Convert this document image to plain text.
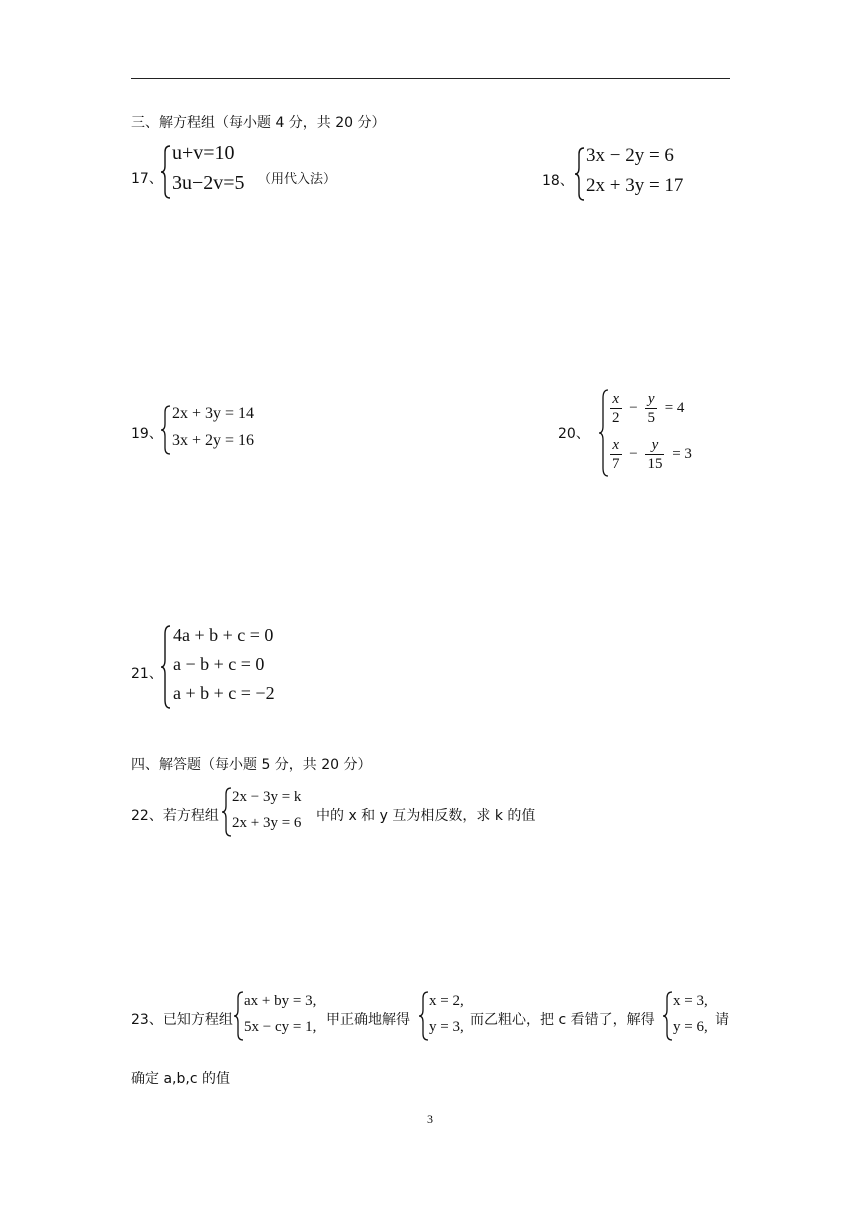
三、解方程组（每小题 4 分，共 20 分）
17、
u+v=10
3u−2v=5 （用代入法）	18、
3x − 2y = 6
2x + 3y = 17
19、
2x + 3y = 14
3x + 2y = 16	20、
$\frac{x}{2} - \frac{y}{5} = 4$
$\frac{x}{7} - \frac{y}{15} = 3$
21、
4a + b + c = 0
a − b + c = 0
a + b + c = −2
四、解答题（每小题 5 分，共 20 分）
22、若方程组
2x − 3y = k
2x + 3y = 6 中的 x 和 y 互为相反数，求 k 的值
23、已知方程组
ax + by = 3,
5x − cy = 1, 甲正确地解得
x = 2,
y = 3, 而乙粗心，把 c 看错了，解得
x = 3,
y = 6, 请
确定 a,b,c 的值
3
